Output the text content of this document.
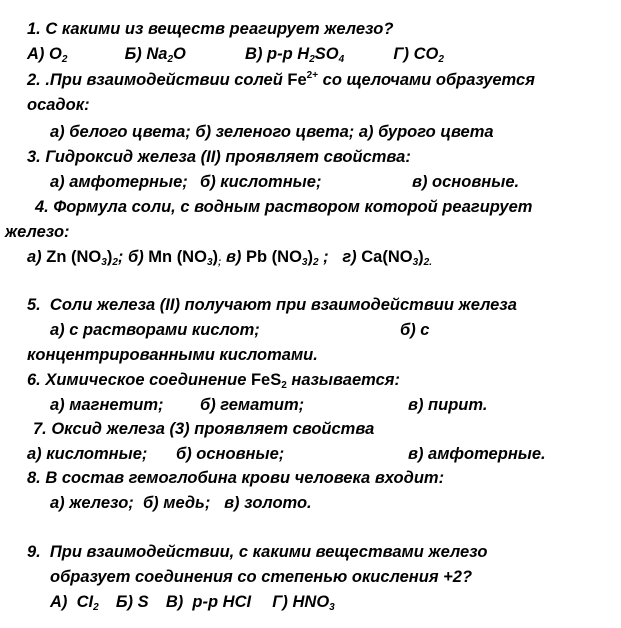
1. С какими из веществ реагирует железо?
А) $O_2$	Б) $Na_2O$	В) р-р $H_2SO_4$	Г) $CO_2$
2. .При взаимодействии солей $Fe^{2+}$ со щелочами образуется
осадок:
а) белого цвета; б) зеленого цвета; а) бурого цвета
3. Гидроксид железа (II) проявляет свойства:
а) амфотерные; б) кислотные;	в) основные.
4. Формула соли, с водным раствором которой реагирует
железо:
а) Zn $(NO_3)_2$; б) Mn $(NO_3)_;$ в) Pb $(NO_3)_2$ ;   г) $Ca(NO_3)_{2.}$
5.  Соли железа (II) получают при взаимодействии железа
а) с растворами кислот;	б) с
концентрированными кислотами.
6. Химическое соединение FeS$_2$ называется:
а) магнетит; б) гематит;	в) пирит.
7. Оксид железа (3) проявляет свойства
а) кислотные; б) основные;	в) амфотерные.
8. В состав гемоглобина крови человека входит:
а) железо;  б) медь;   в) золото.
9.  При взаимодействии, с какими веществами железо
образует соединения со степенью окисления +2?
А)  $CI_2$ Б) S В)  р-р HCI Г) $HNO_3$
